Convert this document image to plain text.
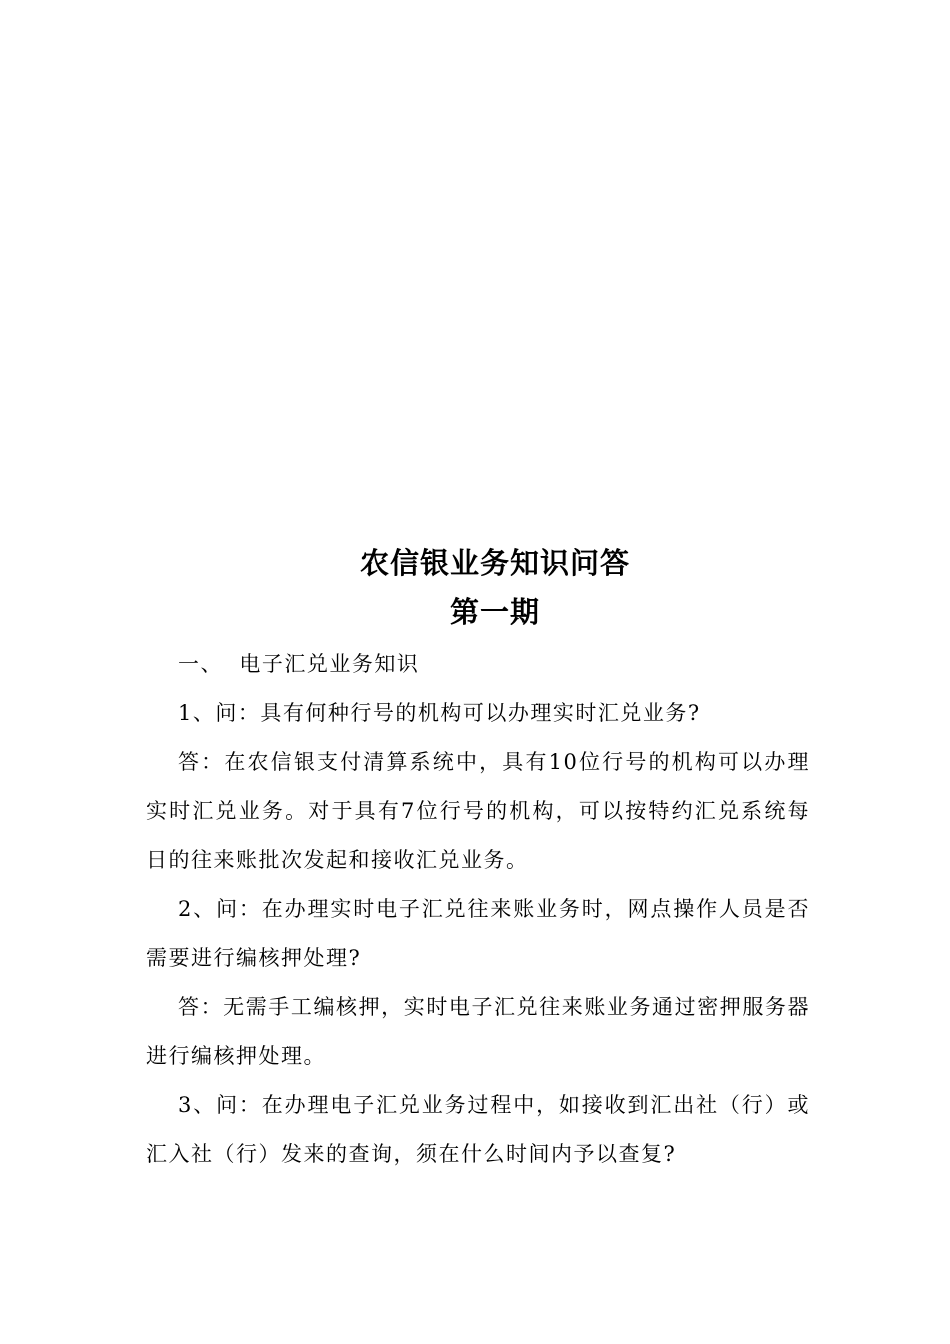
农信银业务知识问答
第一期
一、  电子汇兑业务知识
1、问：具有何种行号的机构可以办理实时汇兑业务?
答：在农信银支付清算系统中，具有10位行号的机构可以办理
实时汇兑业务。对于具有7位行号的机构，可以按特约汇兑系统每
日的往来账批次发起和接收汇兑业务。
2、问：在办理实时电子汇兑往来账业务时，网点操作人员是否
需要进行编核押处理?
答：无需手工编核押，实时电子汇兑往来账业务通过密押服务器
进行编核押处理。
3、问：在办理电子汇兑业务过程中，如接收到汇出社（行）或
汇入社（行）发来的查询，须在什么时间内予以查复?
